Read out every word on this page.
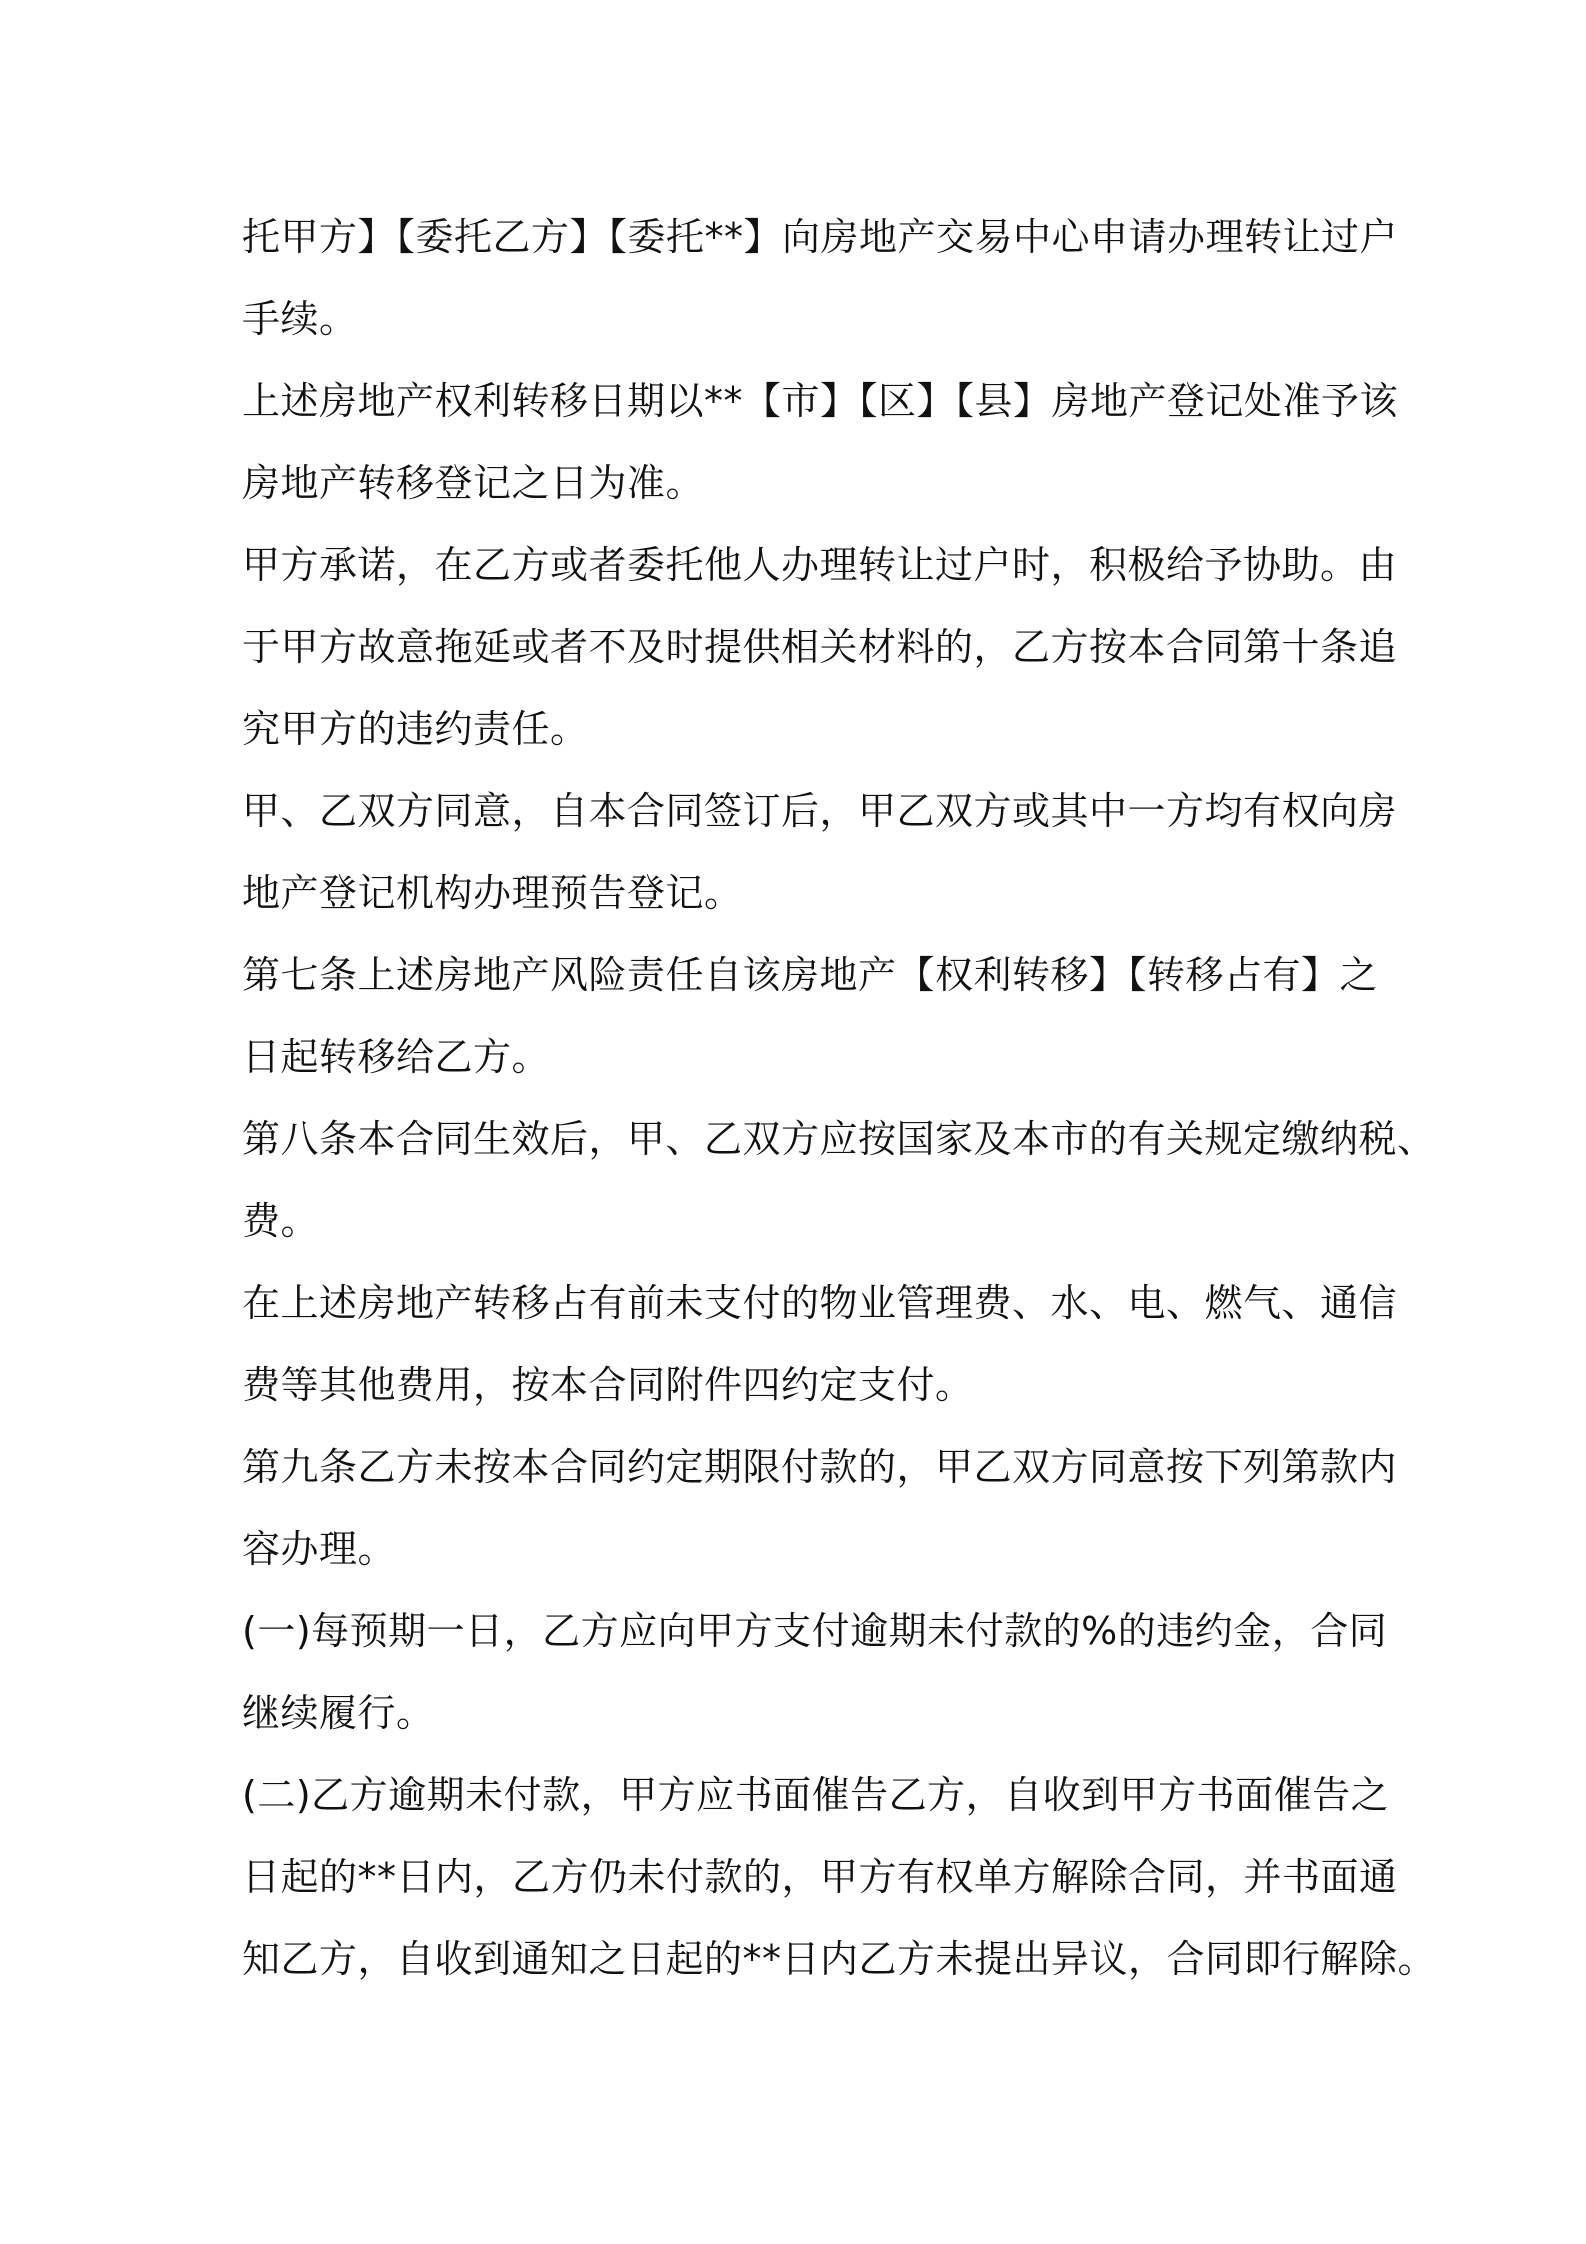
托甲方】【委托乙方】【委托**】向房地产交易中心申请办理转让过户
手续。

上述房地产权利转移日期以**【市】【区】【县】房地产登记处准予该
房地产转移登记之日为准。

甲方承诺，在乙方或者委托他人办理转让过户时，积极给予协助。由
于甲方故意拖延或者不及时提供相关材料的，乙方按本合同第十条追
究甲方的违约责任。

甲、乙双方同意，自本合同签订后，甲乙双方或其中一方均有权向房
地产登记机构办理预告登记。

第七条上述房地产风险责任自该房地产【权利转移】【转移占有】之
日起转移给乙方。

第八条本合同生效后，甲、乙双方应按国家及本市的有关规定缴纳税、
费。

在上述房地产转移占有前未支付的物业管理费、水、电、燃气、通信
费等其他费用，按本合同附件四约定支付。

第九条乙方未按本合同约定期限付款的，甲乙双方同意按下列第款内
容办理。

(一)每预期一日，乙方应向甲方支付逾期未付款的%的违约金，合同
继续履行。

(二)乙方逾期未付款，甲方应书面催告乙方，自收到甲方书面催告之
日起的**日内，乙方仍未付款的，甲方有权单方解除合同，并书面通
知乙方，自收到通知之日起的**日内乙方未提出异议，合同即行解除。
